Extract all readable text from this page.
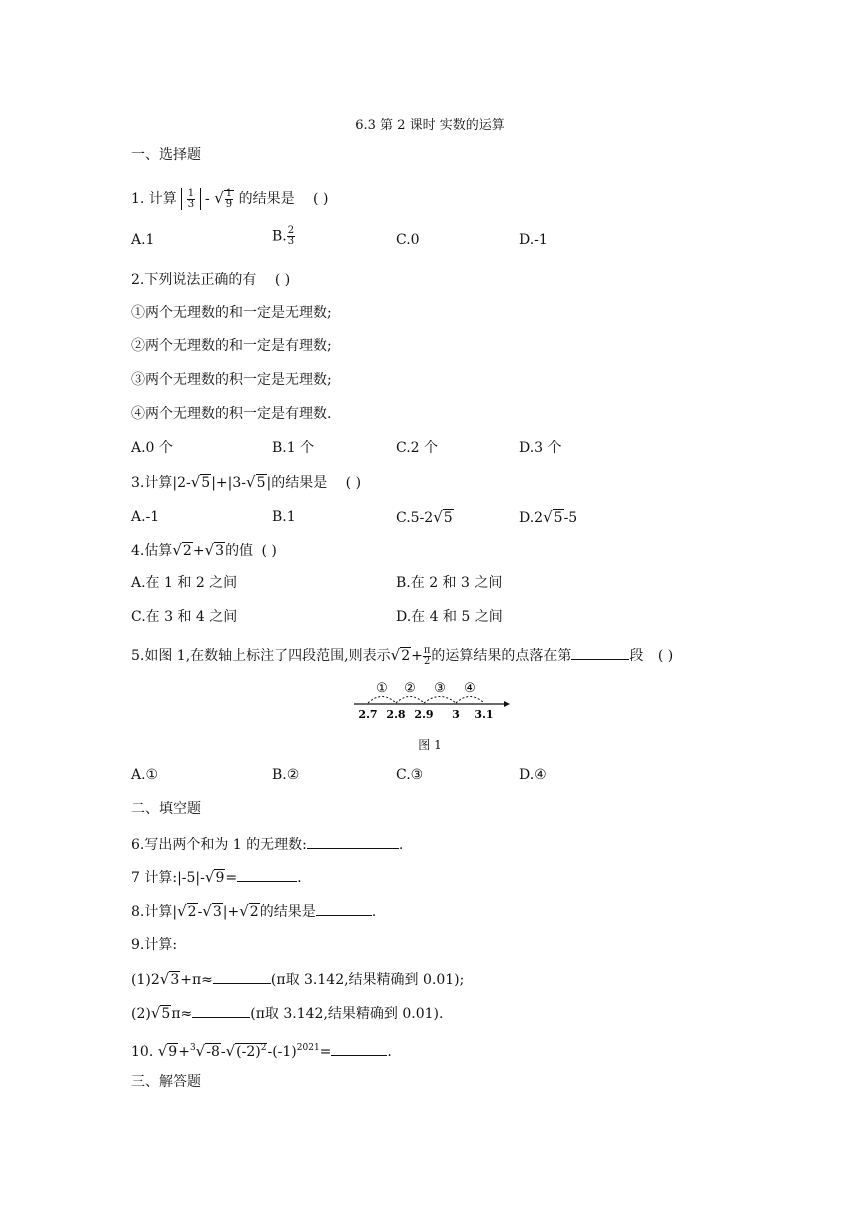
6.3 第 2 课时 实数的运算
一、选择题
1. 计算 $\frac{1}{3}$ - √ $\frac{1}{9}$ 的结果是 ( )
A.1	B. $\frac{2}{3}$	C.0	D.-1
2.下列说法正确的有 ( )
①两个无理数的和一定是无理数;
②两个无理数的和一定是有理数;
③两个无理数的积一定是无理数;
④两个无理数的积一定是有理数.
A.0 个	B.1 个	C.2 个	D.3 个
3.计算|2-√5|+|3-√5|的结果是 ( )
A.-1	B.1	C.5-2√5	D.2√5-5
4.估算√2+√3的值 ( )
A.在 1 和 2 之间	B.在 2 和 3 之间
C.在 3 和 4 之间	D.在 4 和 5 之间
5.如图 1,在数轴上标注了四段范围,则表示$√2+ \frac{\pi}{2}$ 的运算结果的点落在第	段 ( )
① ② ③ ④
2.7 2.8 2.9 3 3.1
图 1
A.①	B.②	C.③	D.④
二、填空题
6.写出两个和为 1 的无理数:	.
7 计算:|-5|-√9=	.
8.计算|√2-√3|+√2的结果是	.
9.计算:
(1)2√3+π≈	(π取 3.142,结果精确到 0.01);
(2)√5π≈	(π取 3.142,结果精确到 0.01).
10. $√9+^3√-8-√(-2)^2-(-1)^{2021}=$	.
三、解答题
